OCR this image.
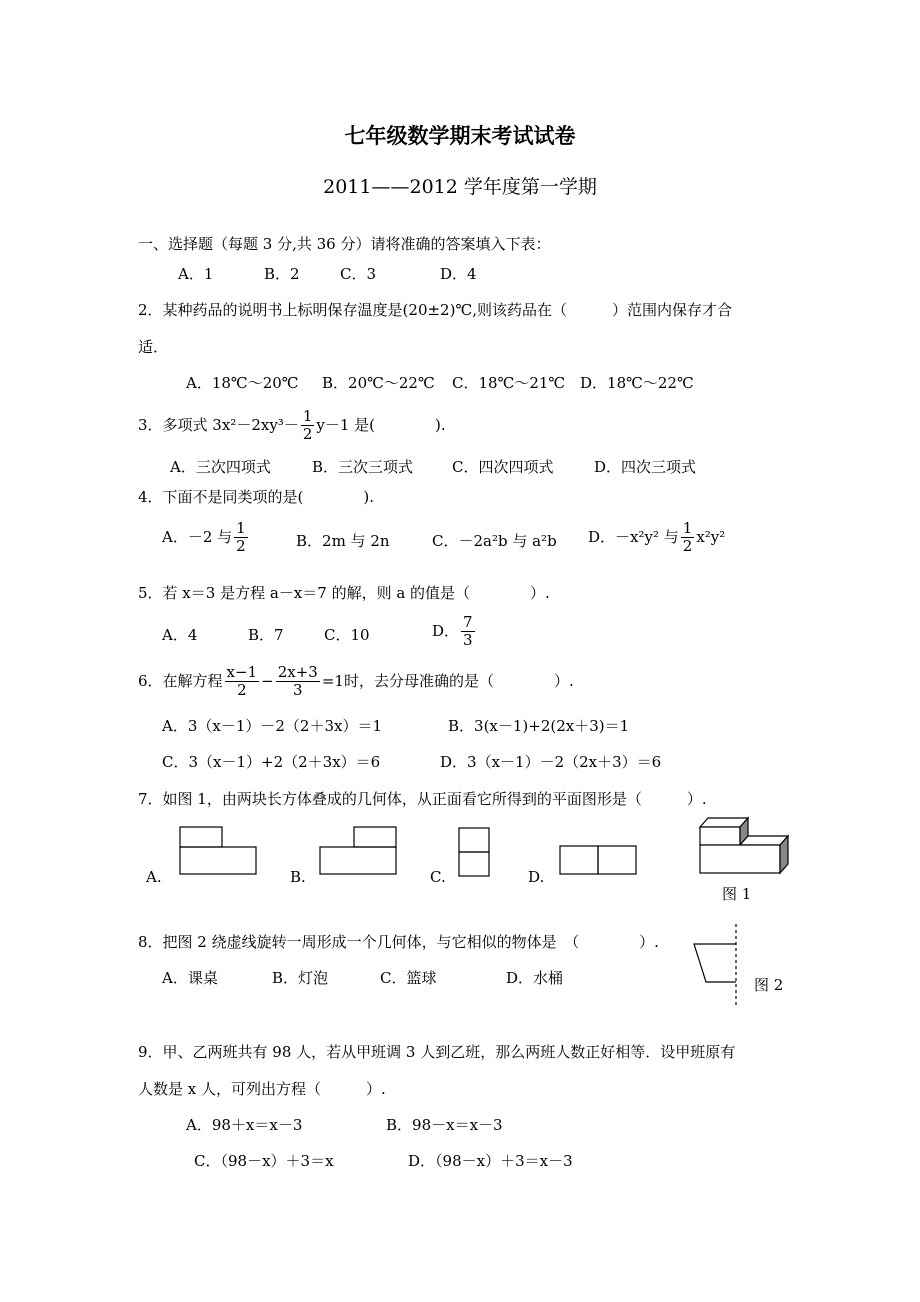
七年级数学期末考试试卷
2011——2012 学年度第一学期
一、选择题（每题 3 分,共 36 分）请将准确的答案填入下表：
A．1	B．2	C．3	D．4
2．某种药品的说明书上标明保存温度是(20±2)℃,则该药品在（　　　）范围内保存才合
适．
A．18℃～20℃ B．20℃～22℃ C．18℃～21℃ D．18℃～22℃
3．多项式 $3x^2-2xy^3- \frac{1}{2} y-1$ 是(　　　　).
A．三次四项式	B．三次三项式	C．四次四项式	D．四次三项式
4．下面不是同类项的是(　　　　).
A．－2 与 $\frac{1}{2}$	B．2m 与 2n	C．－2a²b 与 a²b D．－x²y² 与 $\frac{1}{2} x^2y^2$
5．若 x＝3 是方程 a－x＝7 的解，则 a 的值是（　　　　）.
A．4	B．7	C．10	D． $\frac{7}{3}$
6．在解方程 $\frac{x-1}{2} - \frac{2x+3}{3} =1$时，去分母准确的是（　　　　）.
A．3（x－1）－2（2＋3x）＝1	B．3(x－1)+2(2x＋3)＝1
C．3（x－1）+2（2＋3x）＝6	D．3（x－1）－2（2x＋3）＝6
7．如图 1，由两块长方体叠成的几何体，从正面看它所得到的平面图形是（　　　）.
A.	B.	C.	D.
图 1
8．把图 2 绕虚线旋转一周形成一个几何体，与它相似的物体是　（　　　　）.
A．课桌	B．灯泡	C．篮球	D．水桶	图 2
9．甲、乙两班共有 98 人，若从甲班调 3 人到乙班，那么两班人数正好相等．设甲班原有
人数是 x 人，可列出方程（　　　）.
A．98＋x＝x－3	B．98－x＝x－3
C．（98－x）＋3＝x	D．（98－x）＋3＝x－3
